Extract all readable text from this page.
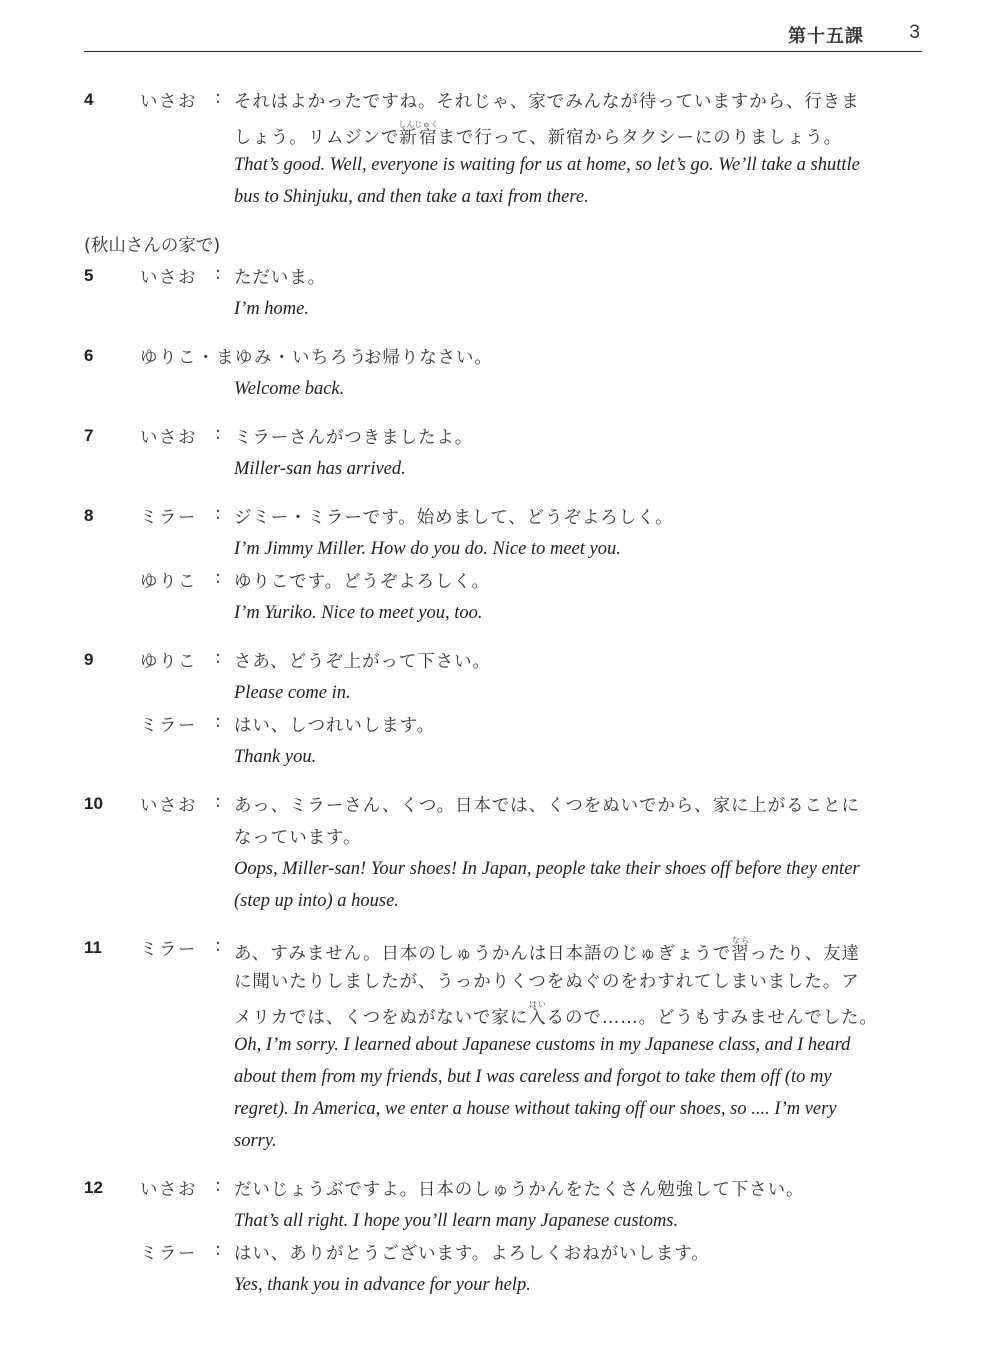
第十五課 3
4	いさお : それはよかったですね。それじゃ、家でみんなが待っていますから、行きま
しょう。リムジンで新宿しんじゅくまで行って、新宿からタクシーにのりましょう。
That’s good. Well, everyone is waiting for us at home, so let’s go. We’ll take a shuttle
bus to Shinjuku, and then take a taxi from there.
(秋山さんの家で)
5	いさお : ただいま。
I’m home.
6	ゆりこ・まゆみ・いちろう:
お帰りなさい。
Welcome back.
7	いさお : ミラーさんがつきましたよ。
Miller-san has arrived.
8	ミラー : ジミー・ミラーです。始めまして、どうぞよろしく。
I’m Jimmy Miller. How do you do. Nice to meet you.
ゆりこ : ゆりこです。どうぞよろしく。
I’m Yuriko. Nice to meet you, too.
9	ゆりこ : さあ、どうぞ上がって下さい。
Please come in.
ミラー : はい、しつれいします。
Thank you.
10	いさお : あっ、ミラーさん、くつ。日本では、くつをぬいでから、家に上がることに
なっています。
Oops, Miller-san! Your shoes! In Japan, people take their shoes off before they enter
(step up into) a house.
11	ミラー : あ、すみません。日本のしゅうかんは日本語のじゅぎょうで習ならったり、友達
に聞いたりしましたが、うっかりくつをぬぐのをわすれてしまいました。ア
メリカでは、くつをぬがないで家に入はいるので……。どうもすみませんでした。
Oh, I’m sorry. I learned about Japanese customs in my Japanese class, and I heard
about them from my friends, but I was careless and forgot to take them off (to my
regret). In America, we enter a house without taking off our shoes, so .... I’m very
sorry.
12	いさお : だいじょうぶですよ。日本のしゅうかんをたくさん勉強して下さい。
That’s all right. I hope you’ll learn many Japanese customs.
ミラー : はい、ありがとうございます。よろしくおねがいします。
Yes, thank you in advance for your help.
